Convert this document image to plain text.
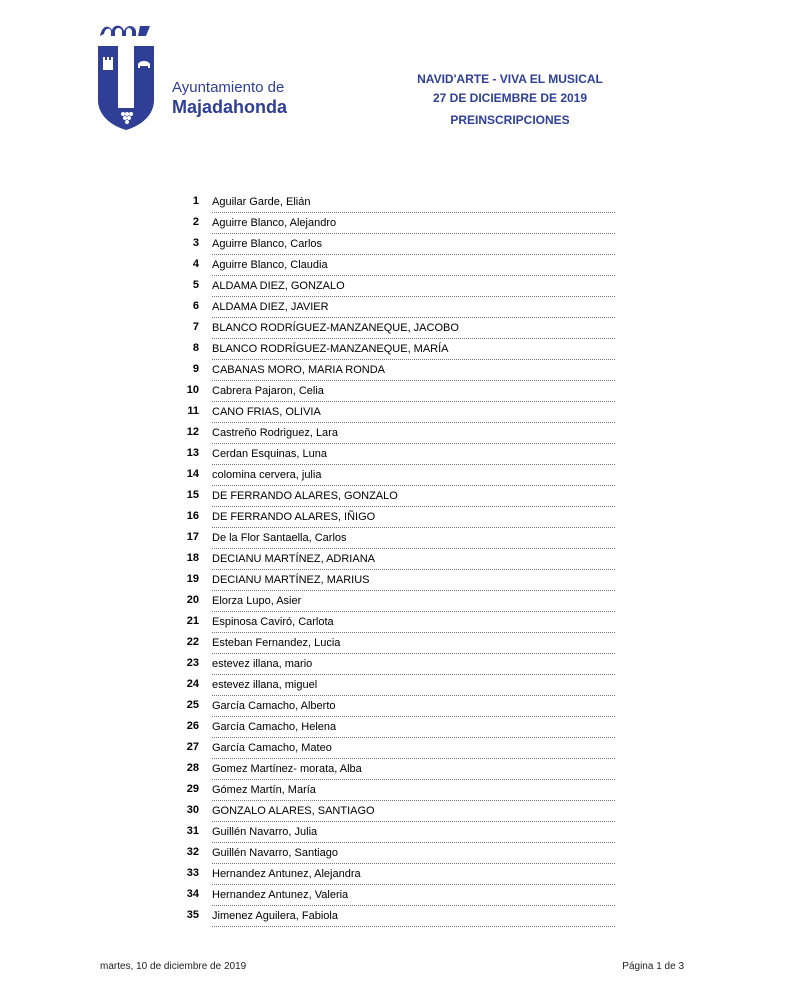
Ayuntamiento de
Majadahonda
NAVID'ARTE - VIVA EL MUSICAL
27 DE DICIEMBRE DE 2019
PREINSCRIPCIONES
1 Aguilar Garde, Elián
2 Aguirre Blanco, Alejandro
3 Aguirre Blanco, Carlos
4 Aguirre Blanco, Claudia
5 ALDAMA DIEZ, GONZALO
6 ALDAMA DIEZ, JAVIER
7 BLANCO RODRÍGUEZ-MANZANEQUE, JACOBO
8 BLANCO RODRÍGUEZ-MANZANEQUE, MARÍA
9 CABANAS MORO, MARIA RONDA
10 Cabrera Pajaron, Celia
11 CANO FRIAS, OLIVIA
12 Castreño Rodriguez, Lara
13 Cerdan Esquinas, Luna
14 colomina cervera, julia
15 DE FERRANDO ALARES, GONZALO
16 DE FERRANDO ALARES, IÑIGO
17 De la Flor Santaella, Carlos
18 DECIANU MARTÍNEZ, ADRIANA
19 DECIANU MARTÍNEZ, MARIUS
20 Elorza Lupo, Asier
21 Espinosa Caviró, Carlota
22 Esteban Fernandez, Lucia
23 estevez illana, mario
24 estevez illana, miguel
25 García Camacho, Alberto
26 García Camacho, Helena
27 García Camacho, Mateo
28 Gomez Martínez- morata, Alba
29 Gómez Martín, María
30 GONZALO ALARES, SANTIAGO
31 Guillén Navarro, Julia
32 Guillén Navarro, Santiago
33 Hernandez Antunez, Alejandra
34 Hernandez Antunez, Valeria
35 Jimenez Aguilera, Fabiola
martes, 10 de diciembre de 2019	Página 1 de 3
